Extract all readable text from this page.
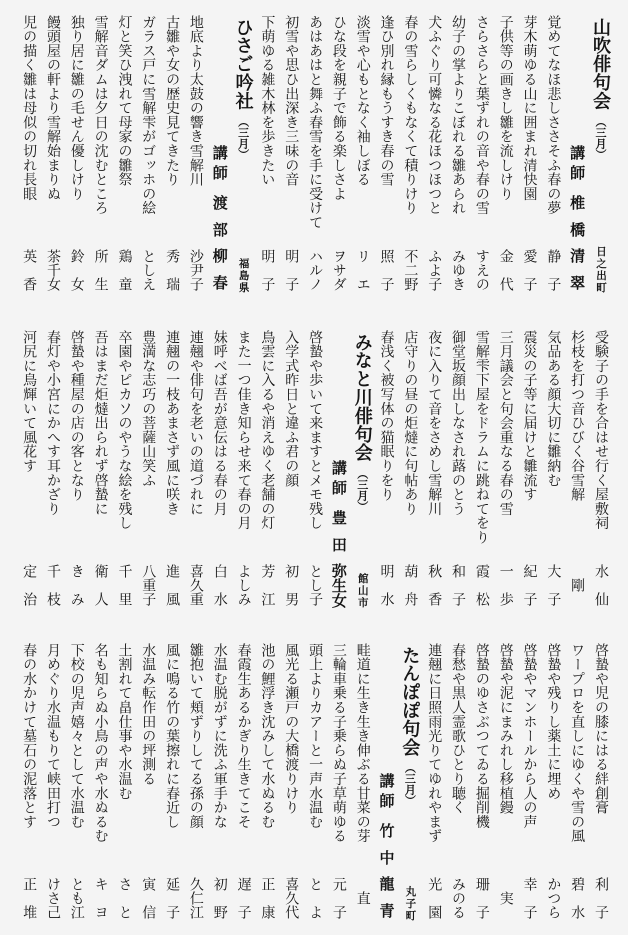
山吹俳句会（三月）
日之出町
講師
椎橋
清翠
覚めてなほ悲しささそふ春の夢
静子
芽木萌ゆる山に囲まれ清快園
愛子
子供等の画きし雛を流しけり
金代
さらさらと葉ずれの音や春の雪
すえの
幼子の掌よりこぼれる雛あられ
みゆき
犬ふぐり可憐なる花ほつほつと
ふよ子
春の雪らしくもなくて積りけり
不二野
逢ひ別れ縁もうすき春の雪
照子
淡雪や心もとなく袖しぼる
リエ
ひな段を親子で飾る楽しさよ
ヲサダ
あはあはと舞ふ春雪を手に受けて
ハルノ
初雪や思ひ出深き三味の音
明子
下萌ゆる雑木林を歩きたい
明子
ひさご吟社（三月）
福島県
講師
渡部
柳春
地底より太鼓の響き雪解川
沙尹子
古雛や女の歴史見てきたり
秀瑞
ガラス戸に雪解雫がゴッホの絵
としえ
灯と笑ひ洩れて母家の雛祭
鶏童
雪解音ダムは夕日の沈むところ
所生
独り居に雛の毛せん優しけり
鈴女
饅頭屋の軒より雪解始まりぬ
茶千女
児の描く雛は母似の切れ長眼
英香
受験子の手を合はせ行く屋敷祠
水仙
杉枝を打つ音ひびく谷雪解
剛
気品ある顔大切に雛納む
大子
震災の子等に届けと雛流す
紀子
三月議会と句会重なる春の雪
一歩
雪解雫下屋をドラムに跳ねてをり
霞松
御堂坂顔出しなされ蕗のとう
和子
夜に入りて音をさめし雪解川
秋香
店守りの昼の炬燵に句帖あり
葫舟
春浅く被写体の猫眠りをり
明水
みなと川俳句会（三月）
館山市
講師
豊田
弥生女
啓蟄や歩いて来ますとメモ残し
とし子
入学式昨日と違ふ君の顔
初男
鳥雲に入るや消えゆく老舗の灯
芳江
また一つ佳き知らせ来て春の月
よしみ
妹呼べば吾が意伝はる春の月
白水
連翹や俳句を老いの道づれに
喜久重
連翹の一枝あまさず風に咲き
進風
豊満な志巧の菩薩山笑ふ
八重子
卒園やピカソのやうな絵を残し
千里
吾はまだ炬燵出られず啓蟄に
衛人
啓蟄や種屋の店の客となり
きみ
春灯や小宮にかへす耳かざり
千枝
河尻に鳥輝いて風花す
定治
啓蟄や児の膝にはる絆創膏
利子
ワープロを直しにゆくや雪の風
碧水
啓蟄や残りし薬土に埋め
かつら
啓蟄やマンホールから人の声
幸子
啓蟄や泥にまみれし移植鏝
実
啓蟄のゆさぶつてゐる掘削機
珊子
春愁や黒人霊歌ひとり聴く
みのる
連翹に日照雨光りてゆれやまず
光園
たんぽぽ句会（三月）
丸子町
講師
竹中
龍青
畦道に生き生き伸ぶる甘菜の芽
直
三輪車乗る子乗らぬ子草萌ゆる
元子
頭上よりカアーと一声水温む
とよ
風光る瀬戸の大橋渡りけり
喜久代
池の鯉浮き沈みして水ぬるむ
正康
春霞生あるかぎり生きてこそ
遅子
水温む脱がずに洗ふ軍手かな
初野
雛抱いて頬ずりしてる孫の顔
久仁江
風に鳴る竹の葉擦れに春近し
延子
水温み転作田の坪測る
寅信
土割れて畠仕事や水温む
さと
名も知らぬ小鳥の声や水ぬるむ
キヨ
下校の児声嬉々として水温む
とも江
月めぐり水温もりて峡田打つ
けさ己
春の水かけて墓石の泥落とす
正堆
